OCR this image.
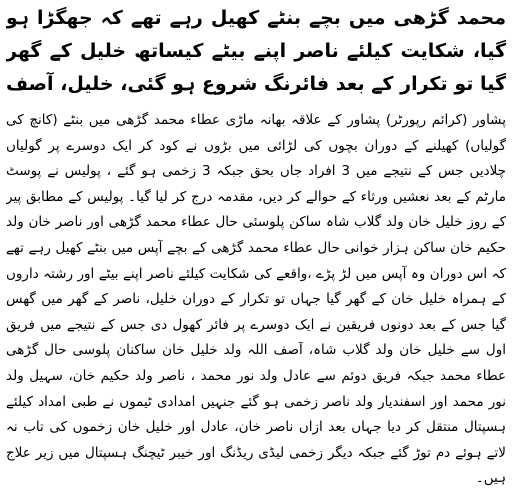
محمد گڑھی میں بچے بنٹے کھیل رہے تھے کہ جھگڑا ہو گیا، شکایت کیلئے ناصر اپنے بیٹے کیساتھ خلیل کے گھر گیا تو تکرار کے بعد فائرنگ شروع ہو گئی، خلیل، آصف

پشاور (کرائم رپورٹر) پشاور کے علاقہ بھانہ ماڑی عطاء محمد گڑھی میں بنٹے (کانچ کی گولیاں) کھیلنے کے دوران بچوں کی لڑائی میں بڑوں نے کود کر ایک دوسرے پر گولیاں چلادیں جس کے نتیجے میں 3 افراد جاں بحق جبکہ 3 زخمی ہو گئے ، پولیس نے پوسٹ مارٹم کے بعد نعشیں ورثاء کے حوالے کر دیں، مقدمہ درج کر لیا گیا۔ پولیس کے مطابق پیر کے روز خلیل خان ولد گلاب شاہ ساکن پلوسئی حال عطاء محمد گڑھی اور ناصر خان ولد حکیم خان ساکن ہزار خوانی حال عطاء محمد گڑھی کے بچے آپس میں بنٹے کھیل رہے تھے کہ اس دوران وہ آپس میں لڑ پڑے ،واقعے کی شکایت کیلئے ناصر اپنے بیٹے اور رشتہ داروں کے ہمراہ خلیل خان کے گھر گیا جہاں تو تکرار کے دوران خلیل، ناصر کے گھر میں گھس گیا جس کے بعد دونوں فریقین نے ایک دوسرے پر فائر کھول دی جس کے نتیجے میں فریق اول سے خلیل خان ولد گلاب شاہ، آصف اللہ ولد خلیل خان ساکنان پلوسی حال گڑھی عطاء محمد جبکہ فریق دوئم سے عادل ولد نور محمد ، ناصر ولد حکیم خان، سہیل ولد نور محمد اور اسفندیار ولد ناصر زخمی ہو گئے جنہیں امدادی ٹیموں نے طبی امداد کیلئے ہسپتال منتقل کر دیا جہاں بعد ازاں ناصر خان، عادل اور خلیل خان زخموں کی تاب نہ لاتے ہوئے دم توڑ گئے جبکہ دیگر زخمی لیڈی ریڈنگ اور خیبر ٹیچنگ ہسپتال میں زیر علاج ہیں۔
